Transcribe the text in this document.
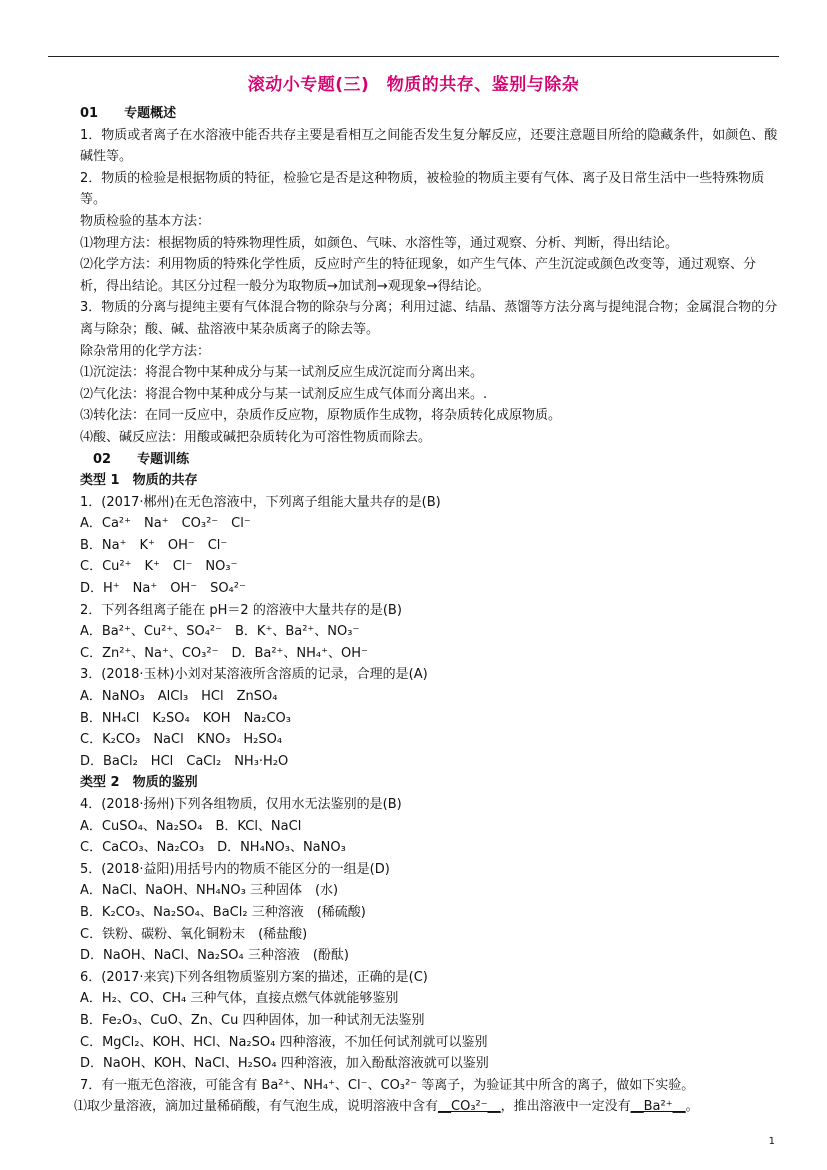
滚动小专题(三)　物质的共存、鉴别与除杂

01　　专题概述

1．物质或者离子在水溶液中能否共存主要是看相互之间能否发生复分解反应，还要注意题目所给的隐藏条件，如颜色、酸碱性等。

2．物质的检验是根据物质的特征，检验它是否是这种物质，被检验的物质主要有气体、离子及日常生活中一些特殊物质等。

物质检验的基本方法：

⑴物理方法：根据物质的特殊物理性质，如颜色、气味、水溶性等，通过观察、分析、判断，得出结论。

⑵化学方法：利用物质的特殊化学性质，反应时产生的特征现象，如产生气体、产生沉淀或颜色改变等，通过观察、分析，得出结论。其区分过程一般分为取物质→加试剂→观现象→得结论。

3．物质的分离与提纯主要有气体混合物的除杂与分离；利用过滤、结晶、蒸馏等方法分离与提纯混合物；金属混合物的分离与除杂；酸、碱、盐溶液中某杂质离子的除去等。

除杂常用的化学方法：

⑴沉淀法：将混合物中某种成分与某一试剂反应生成沉淀而分离出来。

⑵气化法：将混合物中某种成分与某一试剂反应生成气体而分离出来。.

⑶转化法：在同一反应中，杂质作反应物，原物质作生成物，将杂质转化成原物质。

⑷酸、碱反应法：用酸或碱把杂质转化为可溶性物质而除去。

　02　　专题训练

类型 1　物质的共存

1．(2017·郴州)在无色溶液中，下列离子组能大量共存的是(B)

A．Ca²⁺　Na⁺　CO₃²⁻　Cl⁻

B．Na⁺　K⁺　OH⁻　Cl⁻

C．Cu²⁺　K⁺　Cl⁻　NO₃⁻

D．H⁺　Na⁺　OH⁻　SO₄²⁻

2．下列各组离子能在 pH＝2 的溶液中大量共存的是(B)

A．Ba²⁺、Cu²⁺、SO₄²⁻　B．K⁺、Ba²⁺、NO₃⁻

C．Zn²⁺、Na⁺、CO₃²⁻　D．Ba²⁺、NH₄⁺、OH⁻

3．(2018·玉林)小刘对某溶液所含溶质的记录，合理的是(A)

A．NaNO₃　AlCl₃　HCl　ZnSO₄

B．NH₄Cl　K₂SO₄　KOH　Na₂CO₃

C．K₂CO₃　NaCl　KNO₃　H₂SO₄

D．BaCl₂　HCl　CaCl₂　NH₃·H₂O

类型 2　物质的鉴别

4．(2018·扬州)下列各组物质，仅用水无法鉴别的是(B)

A．CuSO₄、Na₂SO₄　B．KCl、NaCl

C．CaCO₃、Na₂CO₃　D．NH₄NO₃、NaNO₃

5．(2018·益阳)用括号内的物质不能区分的一组是(D)

A．NaCl、NaOH、NH₄NO₃ 三种固体　(水)

B．K₂CO₃、Na₂SO₄、BaCl₂ 三种溶液　(稀硫酸)

C．铁粉、碳粉、氧化铜粉末　(稀盐酸)

D．NaOH、NaCl、Na₂SO₄ 三种溶液　(酚酞)

6．(2017·来宾)下列各组物质鉴别方案的描述，正确的是(C)

A．H₂、CO、CH₄ 三种气体，直接点燃气体就能够鉴别

B．Fe₂O₃、CuO、Zn、Cu 四种固体，加一种试剂无法鉴别

C．MgCl₂、KOH、HCl、Na₂SO₄ 四种溶液，不加任何试剂就可以鉴别

D．NaOH、KOH、NaCl、H₂SO₄ 四种溶液，加入酚酞溶液就可以鉴别

7．有一瓶无色溶液，可能含有 Ba²⁺、NH₄⁺、Cl⁻、CO₃²⁻ 等离子，为验证其中所含的离子，做如下实验。

⑴取少量溶液，滴加过量稀硝酸，有气泡生成，说明溶液中含有__CO₃²⁻__，推出溶液中一定没有__Ba²⁺__。

1
